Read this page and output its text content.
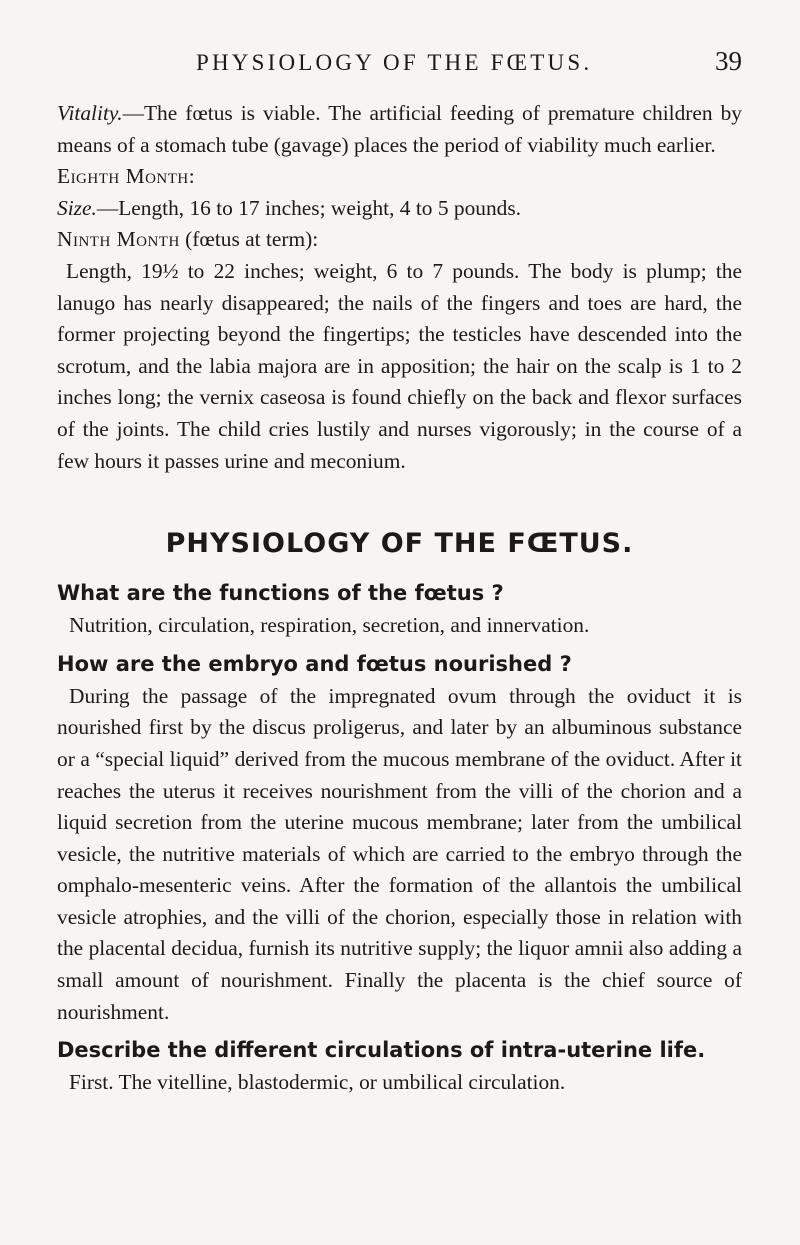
PHYSIOLOGY OF THE FŒTUS.	39

Vitality.—The fœtus is viable. The artificial feeding of premature children by means of a stomach tube (gavage) places the period of viability much earlier.

Eighth Month:

Size.—Length, 16 to 17 inches; weight, 4 to 5 pounds.

Ninth Month (fœtus at term):

Length, 19½ to 22 inches; weight, 6 to 7 pounds. The body is plump; the lanugo has nearly disappeared; the nails of the fingers and toes are hard, the former projecting beyond the fingertips; the testicles have descended into the scrotum, and the labia majora are in apposition; the hair on the scalp is 1 to 2 inches long; the vernix caseosa is found chiefly on the back and flexor surfaces of the joints. The child cries lustily and nurses vigorously; in the course of a few hours it passes urine and meconium.

PHYSIOLOGY OF THE FŒTUS.
What are the functions of the fœtus ?

Nutrition, circulation, respiration, secretion, and innervation.

How are the embryo and fœtus nourished ?

During the passage of the impregnated ovum through the oviduct it is nourished first by the discus proligerus, and later by an albuminous substance or a “special liquid” derived from the mucous membrane of the oviduct. After it reaches the uterus it receives nourishment from the villi of the chorion and a liquid secretion from the uterine mucous membrane; later from the umbilical vesicle, the nutritive materials of which are carried to the embryo through the omphalo-mesenteric veins. After the formation of the allantois the umbilical vesicle atrophies, and the villi of the chorion, especially those in relation with the placental decidua, furnish its nutritive supply; the liquor amnii also adding a small amount of nourishment. Finally the placenta is the chief source of nourishment.

Describe the different circulations of intra-uterine life.

First. The vitelline, blastodermic, or umbilical circulation.
